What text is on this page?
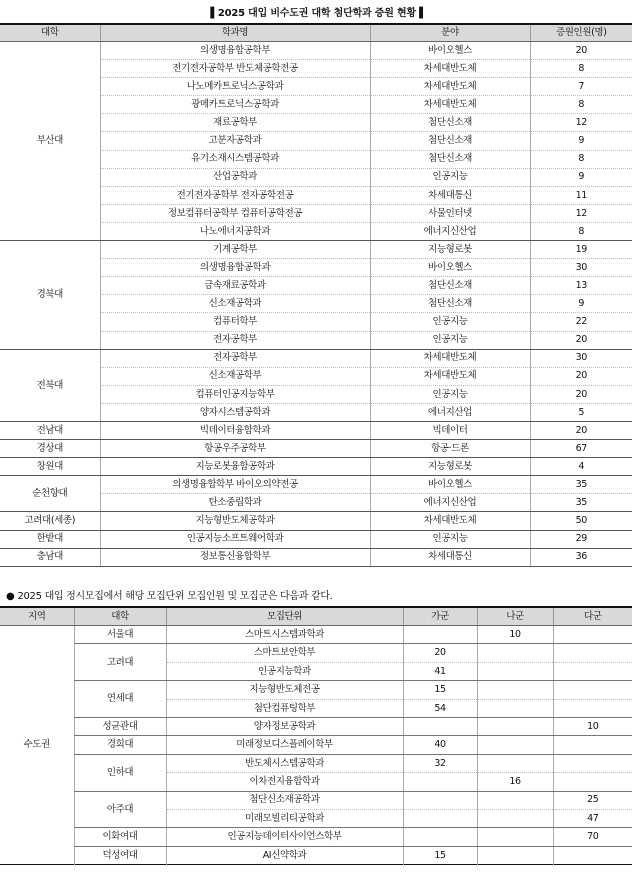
▌2025 대입 비수도권 대학 첨단학과 증원 현황 ▌
대학	학과명	분야	증원인원(명)
부산대	의생명융합공학부	바이오헬스	20
	전기전자공학부 반도체공학전공	차세대반도체	8
	나노메카트로닉스공학과	차세대반도체	7
	광메카트로닉스공학과	차세대반도체	8
	재료공학부	첨단신소재	12
	고분자공학과	첨단신소재	9
	유기소재시스템공학과	첨단신소재	8
	산업공학과	인공지능	9
	전기전자공학부 전자공학전공	차세대통신	11
	정보컴퓨터공학부 컴퓨터공학전공	사물인터넷	12
	나노에너지공학과	에너지신산업	8
경북대	기계공학부	지능형로봇	19
	의생명융합공학과	바이오헬스	30
	금속재료공학과	첨단신소재	13
	신소재공학과	첨단신소재	9
	컴퓨터학부	인공지능	22
	전자공학부	인공지능	20
전북대	전자공학부	차세대반도체	30
	신소재공학부	차세대반도체	20
	컴퓨터인공지능학부	인공지능	20
	양자시스템공학과	에너지산업	5
전남대	빅데이터융합학과	빅데이터	20
경상대	항공우주공학부	항공·드론	67
창원대	지능로봇융합공학과	지능형로봇	4
순천향대	의생명융합학부 바이오의약전공	바이오헬스	35
	탄소중립학과	에너지신산업	35
고려대(세종)	지능형반도체공학과	차세대반도체	50
한밭대	인공지능소프트웨어학과	인공지능	29
충남대	정보통신융합학부	차세대통신	36
● 2025 대입 정시모집에서 해당 모집단위 모집인원 및 모집군은 다음과 같다.
지역	대학	모집단위	가군	나군	다군
수도권	서울대	스마트시스템과학과		10	
	고려대	스마트보안학부	20		
		인공지능학과	41		
	연세대	지능형반도체전공	15		
		첨단컴퓨팅학부	54		
	성균관대	양자정보공학과			10
	경희대	미래정보디스플레이학부	40		
	인하대	반도체시스템공학과	32		
		이차전지융합학과		16	
	아주대	첨단신소재공학과			25
		미래모빌리티공학과			47
	이화여대	인공지능데이터사이언스학부			70
	덕성여대	AI신약학과	15		
